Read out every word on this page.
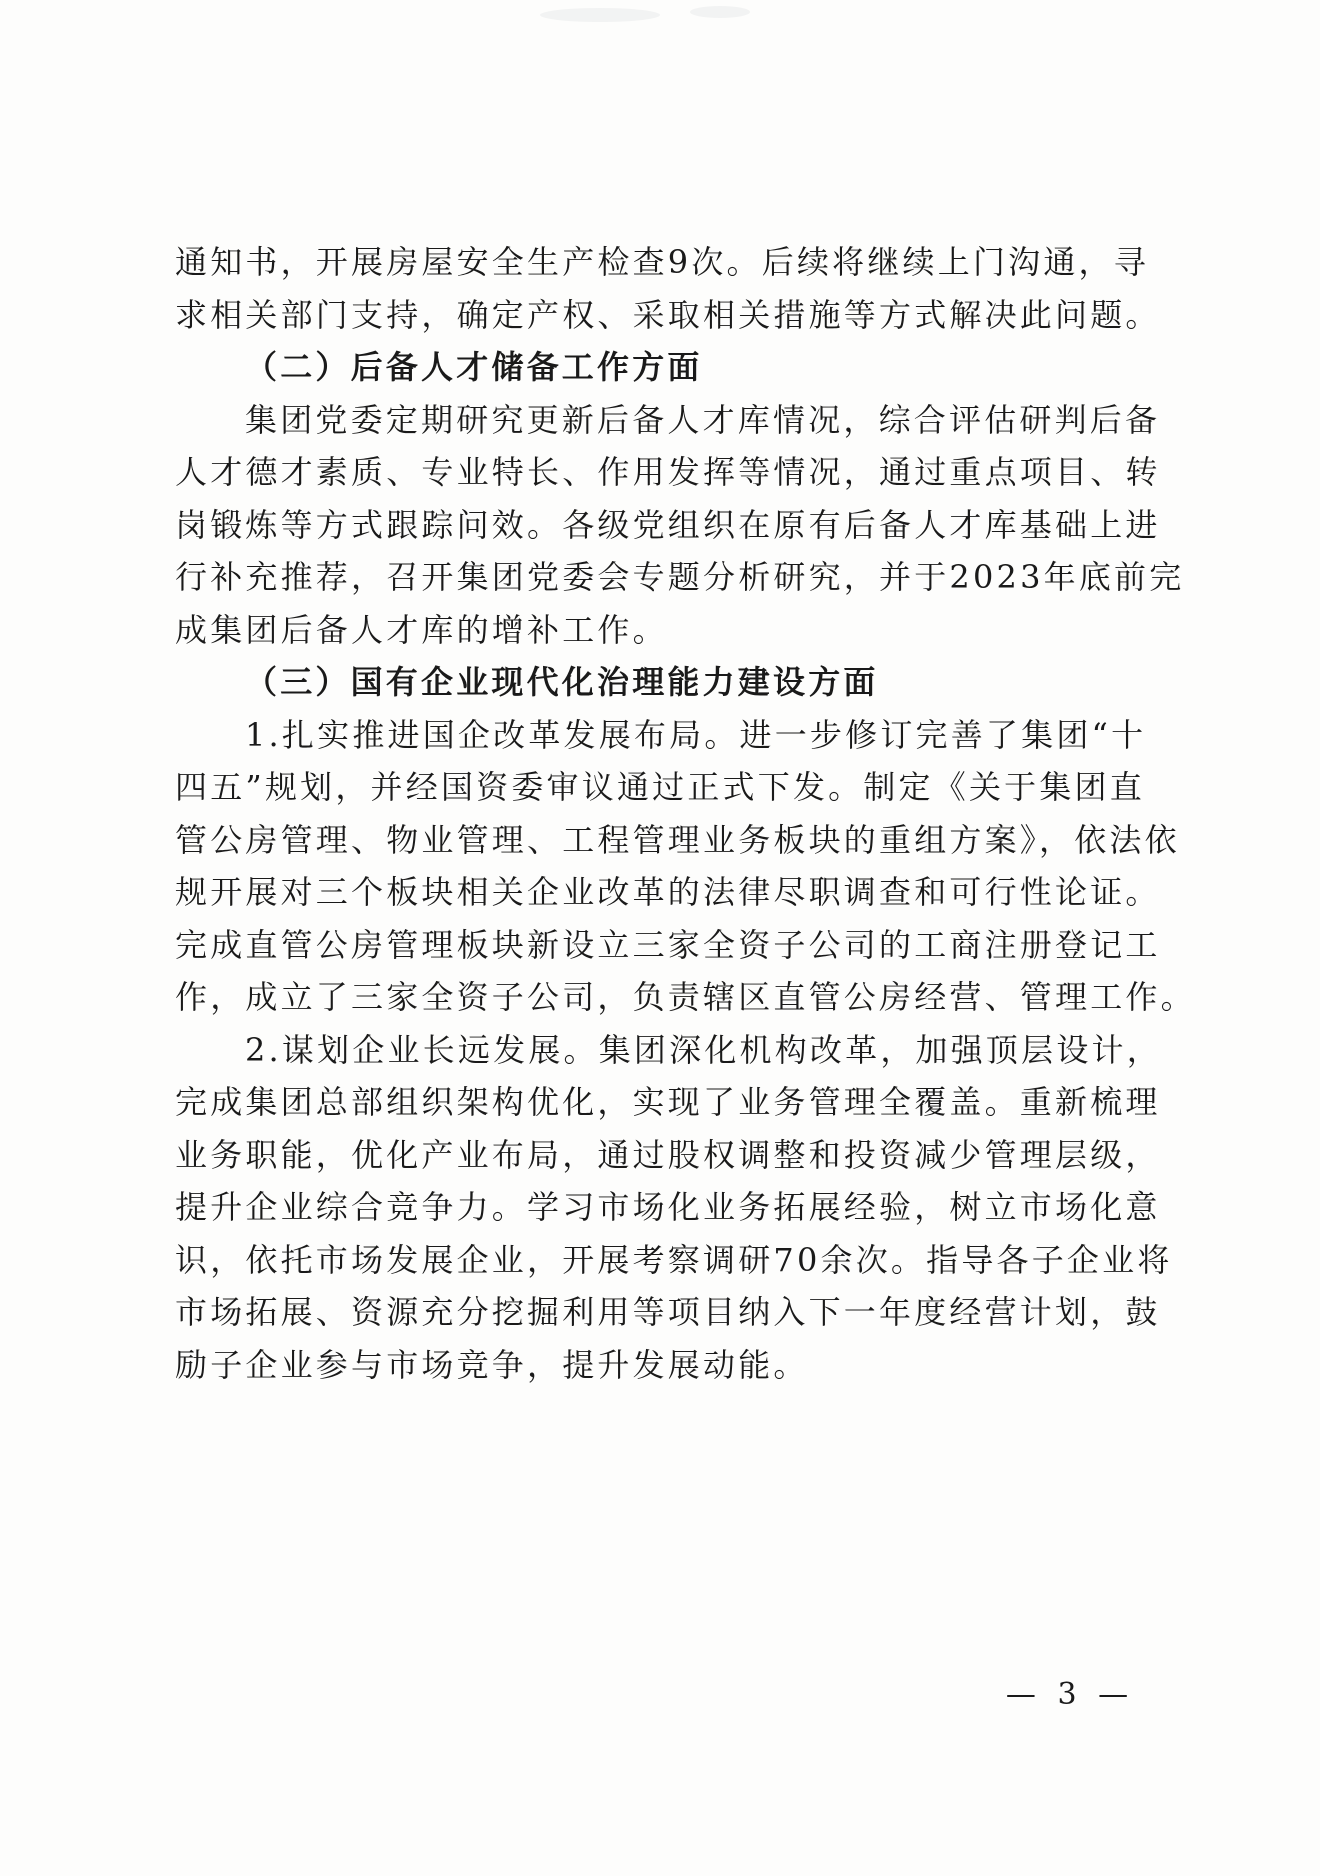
通知书，开展房屋安全生产检查9次。后续将继续上门沟通，寻
求相关部门支持，确定产权、采取相关措施等方式解决此问题。
（二）后备人才储备工作方面
集团党委定期研究更新后备人才库情况，综合评估研判后备
人才德才素质、专业特长、作用发挥等情况，通过重点项目、转
岗锻炼等方式跟踪问效。各级党组织在原有后备人才库基础上进
行补充推荐，召开集团党委会专题分析研究，并于2023年底前完
成集团后备人才库的增补工作。
（三）国有企业现代化治理能力建设方面
1.扎实推进国企改革发展布局。进一步修订完善了集团“十
四五”规划，并经国资委审议通过正式下发。制定《关于集团直
管公房管理、物业管理、工程管理业务板块的重组方案》，依法依
规开展对三个板块相关企业改革的法律尽职调查和可行性论证。
完成直管公房管理板块新设立三家全资子公司的工商注册登记工
作，成立了三家全资子公司，负责辖区直管公房经营、管理工作。
2.谋划企业长远发展。集团深化机构改革，加强顶层设计，
完成集团总部组织架构优化，实现了业务管理全覆盖。重新梳理
业务职能，优化产业布局，通过股权调整和投资减少管理层级，
提升企业综合竞争力。学习市场化业务拓展经验，树立市场化意
识，依托市场发展企业，开展考察调研70余次。指导各子企业将
市场拓展、资源充分挖掘利用等项目纳入下一年度经营计划，鼓
励子企业参与市场竞争，提升发展动能。
— 3 —
